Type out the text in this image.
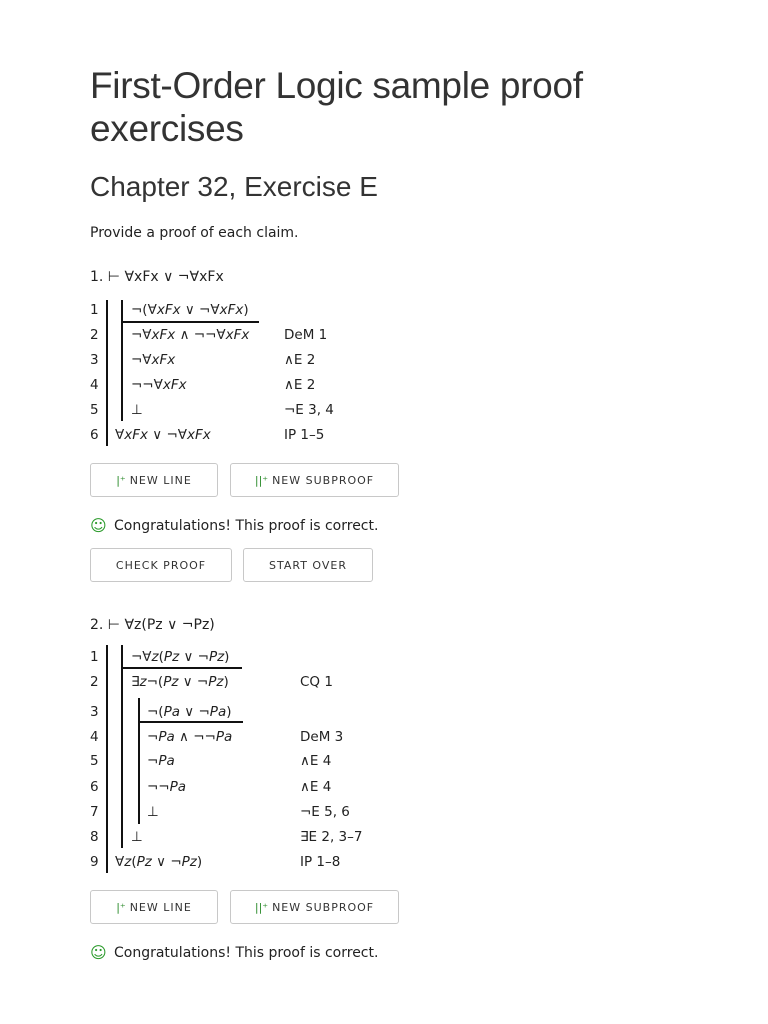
First-Order Logic sample proof exercises
Chapter 32, Exercise E
Provide a proof of each claim.
1. ⊢ ∀xFx ∨ ¬∀xFx
1 ¬(∀xFx ∨ ¬∀xFx)
2 ¬∀xFx ∧ ¬¬∀xFx	DeM 1
3 ¬∀xFx	∧E 2
4 ¬¬∀xFx	∧E 2
5 ⊥	¬E 3, 4
6 ∀xFx ∨ ¬∀xFx	IP 1–5
|⁺ NEW LINE	||⁺ NEW SUBPROOF
☺ Congratulations! This proof is correct.
CHECK PROOF	START OVER
2. ⊢ ∀z(Pz ∨ ¬Pz)
1 ¬∀z(Pz ∨ ¬Pz)
2 ∃z¬(Pz ∨ ¬Pz)	CQ 1
3	¬(Pa ∨ ¬Pa)
4	¬Pa ∧ ¬¬Pa	DeM 3
5	¬Pa	∧E 4
6	¬¬Pa	∧E 4
7	⊥	¬E 5, 6
8 ⊥	∃E 2, 3–7
9 ∀z(Pz ∨ ¬Pz)	IP 1–8
|⁺ NEW LINE	||⁺ NEW SUBPROOF
☺ Congratulations! This proof is correct.
